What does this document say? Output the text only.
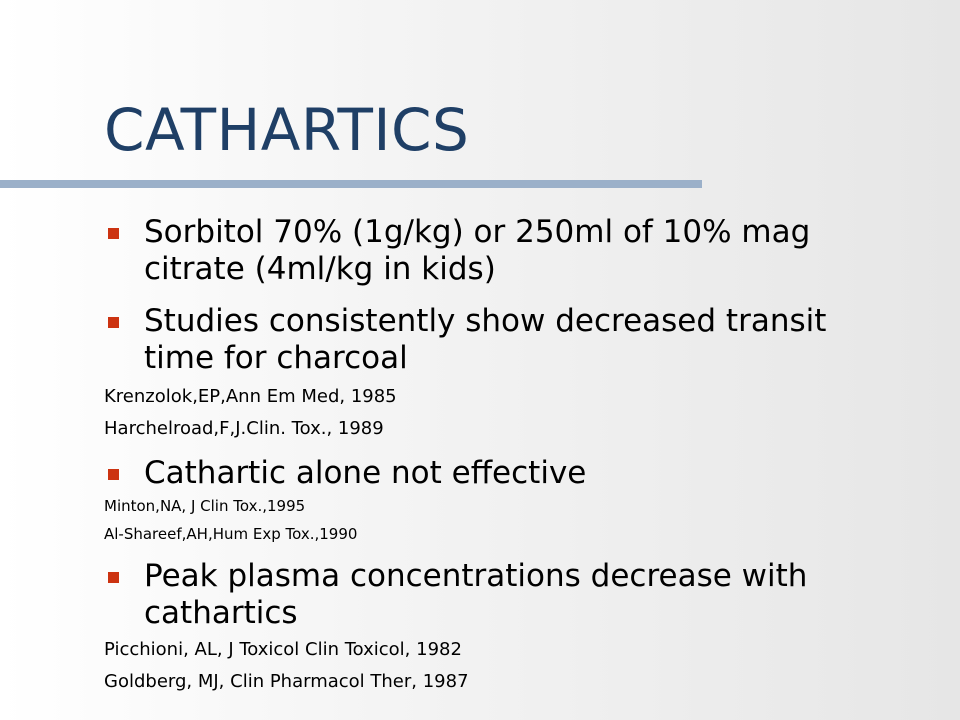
CATHARTICS
Sorbitol 70% (1g/kg) or 250ml of 10% mag citrate (4ml/kg in kids)
Studies consistently show decreased transit time for charcoal
Krenzolok,EP,Ann Em Med, 1985
Harchelroad,F,J.Clin. Tox., 1989
Cathartic alone not effective
Minton,NA, J Clin Tox.,1995
Al-Shareef,AH,Hum Exp Tox.,1990
Peak plasma concentrations decrease with cathartics
Picchioni, AL, J Toxicol Clin Toxicol, 1982
Goldberg, MJ, Clin Pharmacol Ther, 1987
